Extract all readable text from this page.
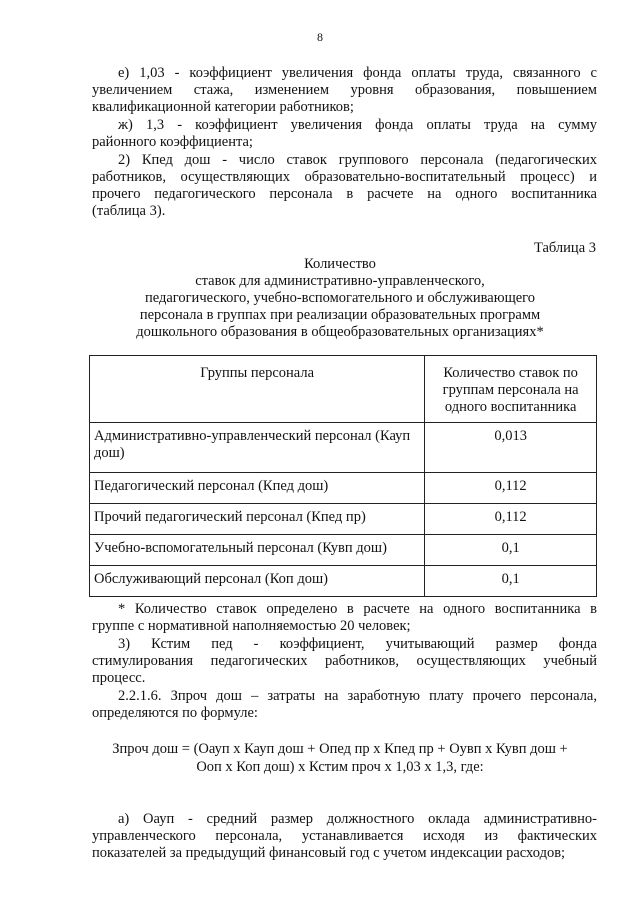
8
е) 1,03 - коэффициент увеличения фонда оплаты труда, связанного с
увеличением стажа, изменением уровня образования, повышением
квалификационной категории работников;
ж) 1,3 - коэффициент увеличения фонда оплаты труда на сумму
районного коэффициента;
2) Кпед дош - число ставок группового персонала (педагогических
работников, осуществляющих образовательно-воспитательный процесс) и
прочего педагогического персонала в расчете на одного воспитанника
(таблица 3).
Таблица 3
Количество
ставок для административно-управленческого,
педагогического, учебно-вспомогательного и обслуживающего
персонала в группах при реализации образовательных программ
дошкольного образования в общеобразовательных организациях*
Группы персонала	Количество ставок по группам персонала на одного воспитанника
Административно-управленческий персонал (Кауп дош)	0,013
Педагогический персонал (Кпед дош)	0,112
Прочий педагогический персонал (Кпед пр)	0,112
Учебно-вспомогательный персонал (Кувп дош)	0,1
Обслуживающий персонал (Коп дош)	0,1
* Количество ставок определено в расчете на одного воспитанника в
группе с нормативной наполняемостью 20 человек;
3) Кстим пед - коэффициент, учитывающий размер фонда
стимулирования педагогических работников, осуществляющих учебный
процесс.
2.2.1.6. Зпроч дош – затраты на заработную плату прочего персонала,
определяются по формуле:
Зпроч дош = (Оауп х Кауп дош + Опед пр х Кпед пр + Оувп х Кувп дош +
Ооп х Коп дош) х Кстим проч х 1,03 х 1,3, где:
а) Оауп - средний размер должностного оклада административно-
управленческого персонала, устанавливается исходя из фактических
показателей за предыдущий финансовый год с учетом индексации расходов;
